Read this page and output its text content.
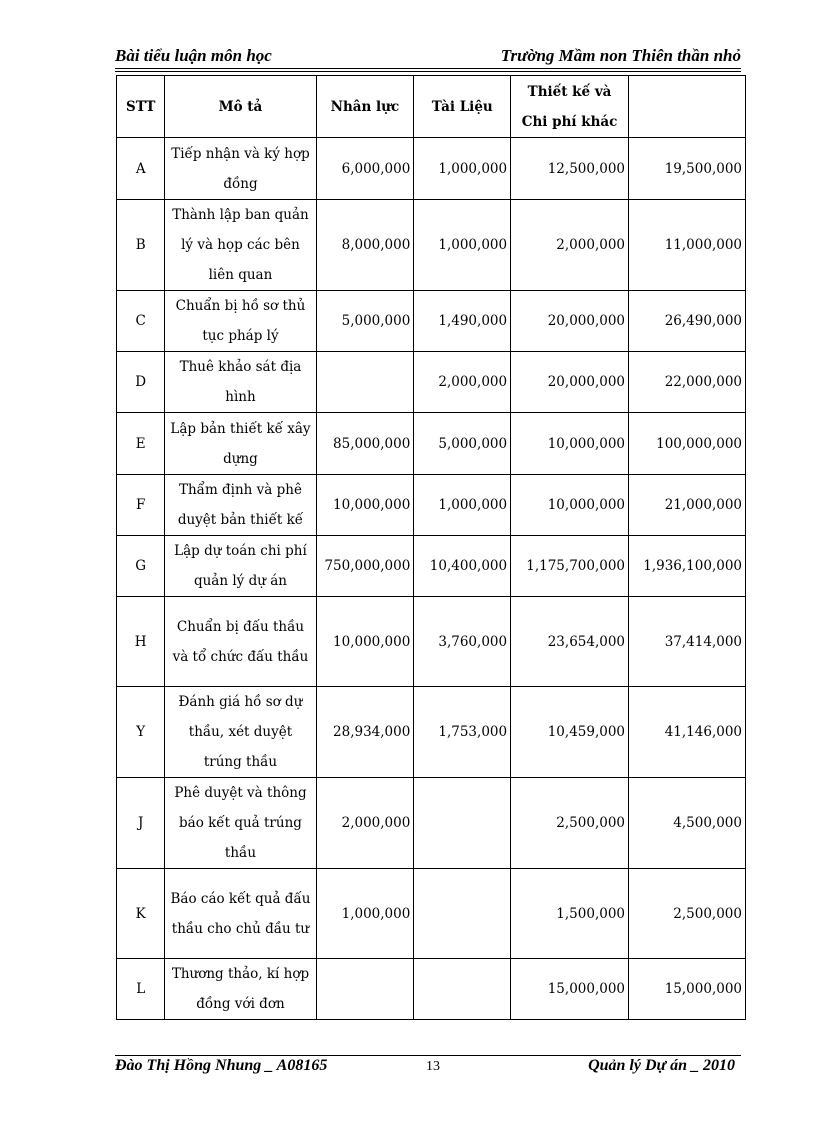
Bài tiểu luận môn học	Trường Mầm non Thiên thần nhỏ
STT	Mô tả	Nhân lực	Tài Liệu	Thiết kế và Chi phí khác	
A	Tiếp nhận và ký hợp đồng	6,000,000	1,000,000	12,500,000	19,500,000
B	Thành lập ban quản lý và họp các bên liên quan	8,000,000	1,000,000	2,000,000	11,000,000
C	Chuẩn bị hồ sơ thủ tục pháp lý	5,000,000	1,490,000	20,000,000	26,490,000
D	Thuê khảo sát địa hình		2,000,000	20,000,000	22,000,000
E	Lập bản thiết kế xây dựng	85,000,000	5,000,000	10,000,000	100,000,000
F	Thẩm định và phê duyệt bản thiết kế	10,000,000	1,000,000	10,000,000	21,000,000
G	Lập dự toán chi phí quản lý dự án	750,000,000	10,400,000	1,175,700,000	1,936,100,000
H	Chuẩn bị đấu thầu và tổ chức đấu thầu	10,000,000	3,760,000	23,654,000	37,414,000
Y	Đánh giá hồ sơ dự thầu, xét duyệt trúng thầu	28,934,000	1,753,000	10,459,000	41,146,000
J	Phê duyệt và thông báo kết quả trúng thầu	2,000,000		2,500,000	4,500,000
K	Báo cáo kết quả đấu thầu cho chủ đầu tư	1,000,000		1,500,000	2,500,000
L	Thương thảo, kí hợp đồng với đơn			15,000,000	15,000,000
Đào Thị Hồng Nhung _ A08165	13	Quản lý Dự án _ 2010
